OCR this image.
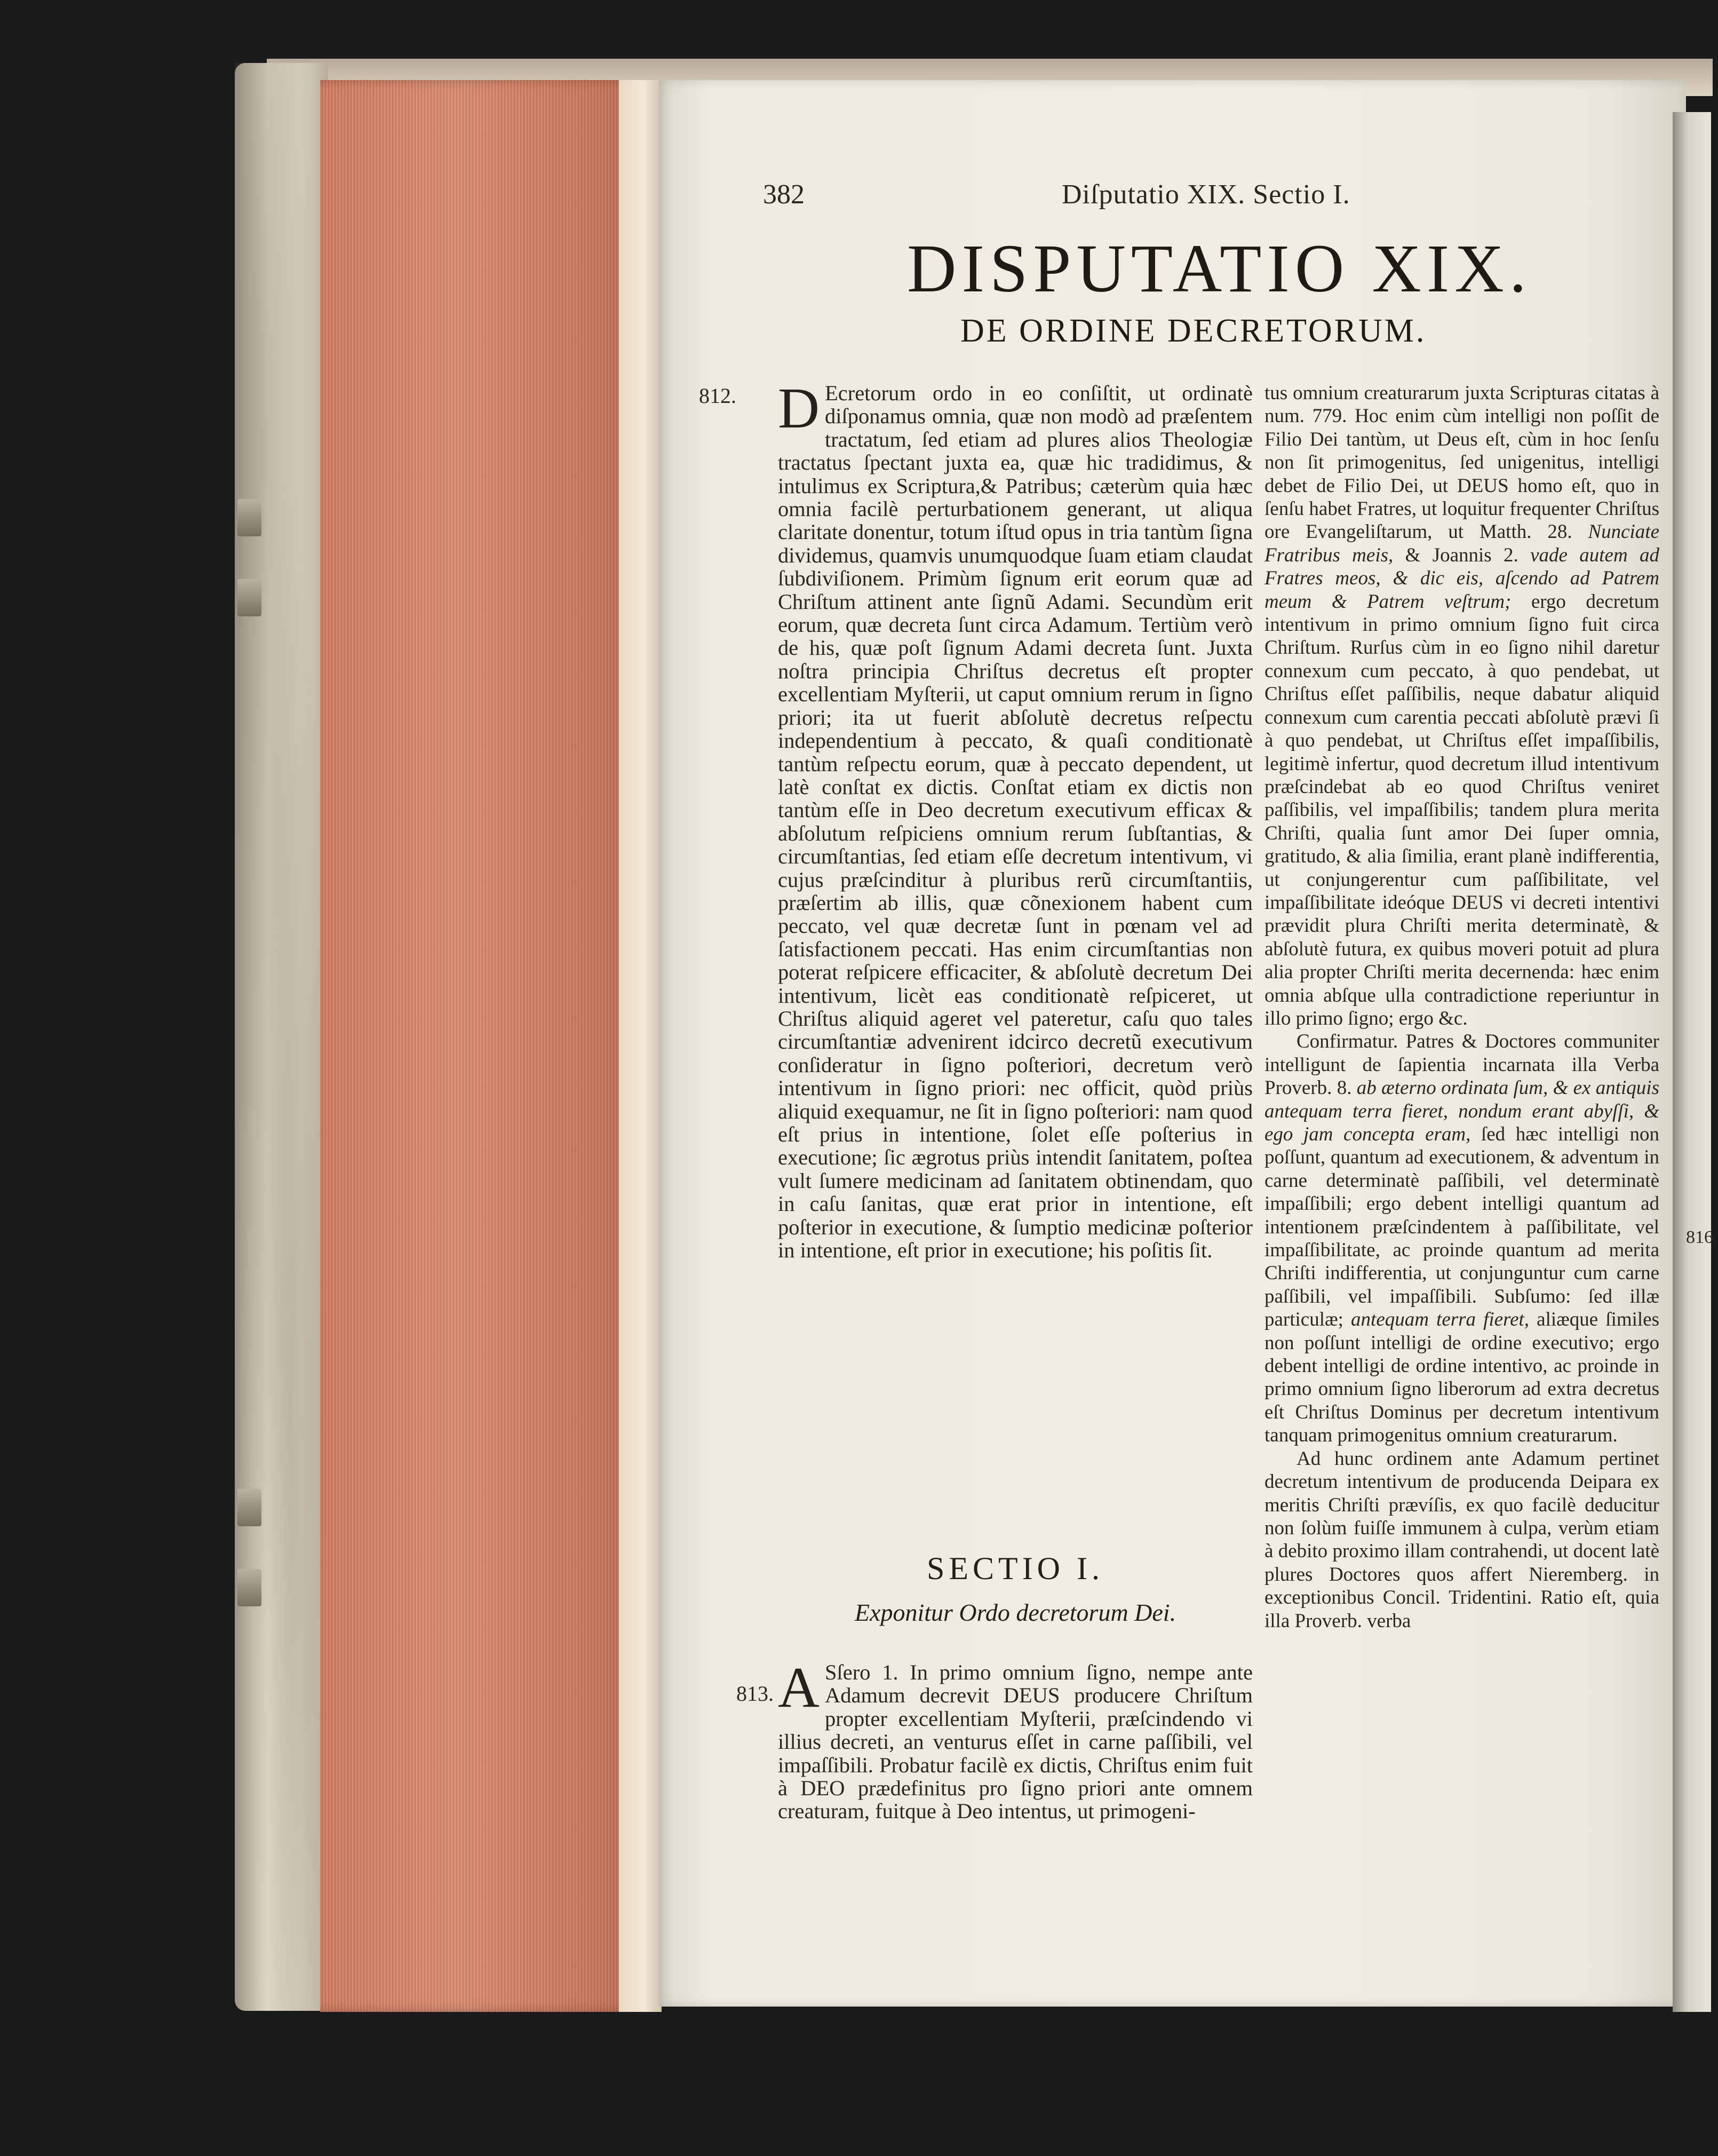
382	Diſputatio XIX. Sectio I.
DISPUTATIO XIX.
DE ORDINE DECRETORUM.
812.
813.
816.

D Ecretorum ordo in eo conſiſtit, ut ordinatè diſponamus omnia, quæ non modò ad præſentem tractatum, ſed etiam ad plures alios Theologiæ tractatus ſpectant juxta ea, quæ hic tradidimus, & intulimus ex Scriptura,& Patribus; cæterùm quia hæc omnia facilè perturbationem generant, ut aliqua claritate donentur, totum iſtud opus in tria tantùm ſigna dividemus, quamvis unumquodque ſuam etiam claudat ſubdiviſionem. Primùm ſignum erit eorum quæ ad Chriſtum attinent ante ſignũ Adami. Secundùm erit eorum, quæ decreta ſunt circa Adamum. Tertiùm verò de his, quæ poſt ſignum Adami decreta ſunt. Juxta noſtra principia Chriſtus decretus eſt propter excellentiam Myſterii, ut caput omnium rerum in ſigno priori; ita ut fuerit abſolutè decretus reſpectu independentium à peccato, & quaſi conditionatè tantùm reſpectu eorum, quæ à peccato dependent, ut latè conſtat ex dictis. Conſtat etiam ex dictis non tantùm eſſe in Deo decretum executivum efficax & abſolutum reſpiciens omnium rerum ſubſtantias, & circumſtantias, ſed etiam eſſe decretum intentivum, vi cujus præſcinditur à pluribus rerũ circumſtantiis, præſertim ab illis, quæ cõnexionem habent cum peccato, vel quæ decretæ ſunt in pœnam vel ad ſatisfactionem peccati. Has enim circumſtantias non poterat reſpicere efficaciter, & abſolutè decretum Dei intentivum, licèt eas conditionatè reſpiceret, ut Chriſtus aliquid ageret vel pateretur, caſu quo tales circumſtantiæ advenirent idcirco decretũ executivum conſideratur in ſigno poſteriori, decretum verò intentivum in ſigno priori: nec officit, quòd priùs aliquid exequamur, ne ſit in ſigno poſteriori: nam quod eſt prius in intentione, ſolet eſſe poſterius in executione; ſic ægrotus priùs intendit ſanitatem, poſtea vult ſumere medicinam ad ſanitatem obtinendam, quo in caſu ſanitas, quæ erat prior in intentione, eſt poſterior in executione, & ſumptio medicinæ poſterior in intentione, eſt prior in executione; his poſitis ſit.

SECTIO I.
Exponitur Ordo decretorum Dei.

A Sſero 1. In primo omnium ſigno, nempe ante Adamum decrevit DEUS producere Chriſtum propter excellentiam Myſterii, præſcindendo vi illius decreti, an venturus eſſet in carne paſſibili, vel impaſſibili. Probatur facilè ex dictis, Chriſtus enim fuit à DEO prædefinitus pro ſigno priori ante omnem creaturam, fuitque à Deo intentus, ut primogeni-

tus omnium creaturarum juxta Scripturas citatas à num. 779. Hoc enim cùm intelligi non poſſit de Filio Dei tantùm, ut Deus eſt, cùm in hoc ſenſu non ſit primogenitus, ſed unigenitus, intelligi debet de Filio Dei, ut DEUS homo eſt, quo in ſenſu habet Fratres, ut loquitur frequenter Chriſtus ore Evangeliſtarum, ut Matth. 28. Nunciate Fratribus meis, & Joannis 2. vade autem ad Fratres meos, & dic eis, aſcendo ad Patrem meum & Patrem veſtrum; ergo decretum intentivum in primo omnium ſigno fuit circa Chriſtum. Rurſus cùm in eo ſigno nihil daretur connexum cum peccato, à quo pendebat, ut Chriſtus eſſet paſſibilis, neque dabatur aliquid connexum cum carentia peccati abſolutè prævi ſi à quo pendebat, ut Chriſtus eſſet impaſſibilis, legitimè infertur, quod decretum illud intentivum præſcindebat ab eo quod Chriſtus veniret paſſibilis, vel impaſſibilis; tandem plura merita Chriſti, qualia ſunt amor Dei ſuper omnia, gratitudo, & alia ſimilia, erant planè indifferentia, ut conjungerentur cum paſſibilitate, vel impaſſibilitate ideóque DEUS vi decreti intentivi prævidit plura Chriſti merita determinatè, & abſolutè futura, ex quibus moveri potuit ad plura alia propter Chriſti merita decernenda: hæc enim omnia abſque ulla contradictione reperiuntur in illo primo ſigno; ergo &c.

Confirmatur. Patres & Doctores communiter intelligunt de ſapientia incarnata illa Verba Proverb. 8. ab æterno ordinata ſum, & ex antiquis antequam terra fieret, nondum erant abyſſi, & ego jam concepta eram, ſed hæc intelligi non poſſunt, quantum ad executionem, & adventum in carne determinatè paſſibili, vel determinatè impaſſibili; ergo debent intelligi quantum ad intentionem præſcindentem à paſſibilitate, vel impaſſibilitate, ac proinde quantum ad merita Chriſti indifferentia, ut conjunguntur cum carne paſſibili, vel impaſſibili. Subſumo: ſed illæ particulæ; antequam terra fieret, aliæque ſimiles non poſſunt intelligi de ordine executivo; ergo debent intelligi de ordine intentivo, ac proinde in primo omnium ſigno liberorum ad extra decretus eſt Chriſtus Dominus per decretum intentivum tanquam primogenitus omnium creaturarum.

Ad hunc ordinem ante Adamum pertinet decretum intentivum de producenda Deipara ex meritis Chriſti prævíſis, ex quo facilè deducitur non ſolùm fuiſſe immunem à culpa, verùm etiam à debito proximo illam contrahendi, ut docent latè plures Doctores quos affert Nieremberg. in exceptionibus Concil. Tridentini. Ratio eſt, quia illa Proverb. verba
